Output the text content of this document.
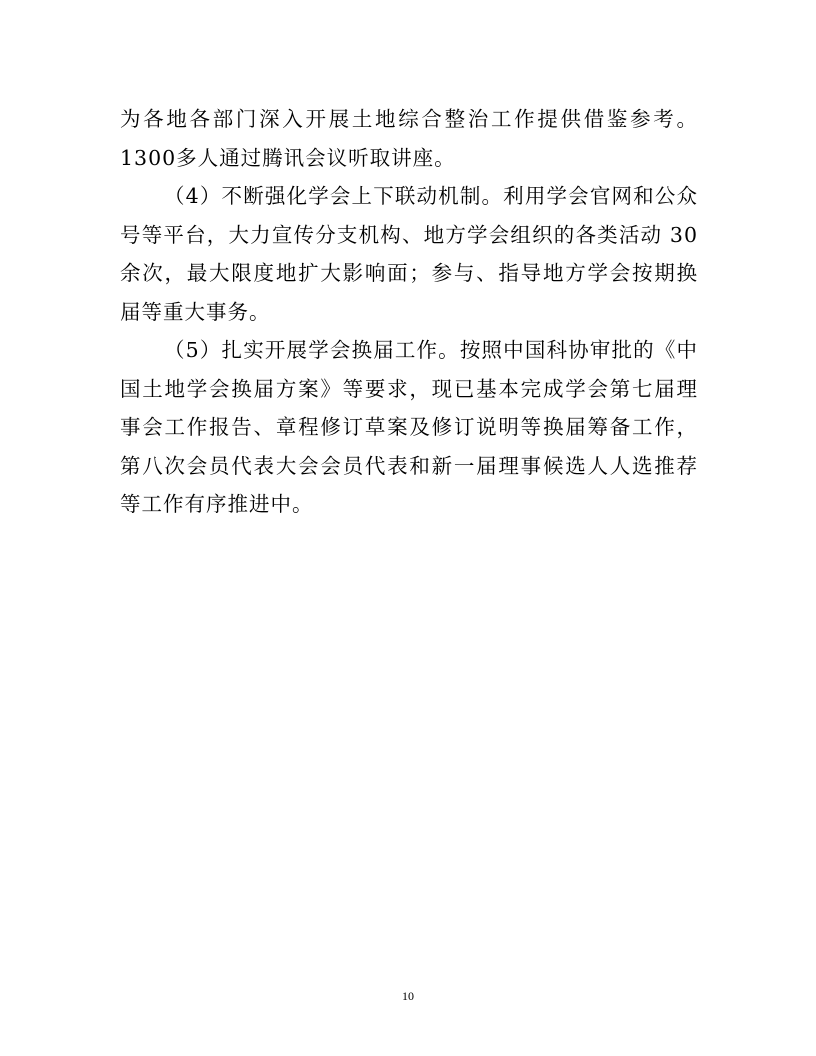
为各地各部门深入开展土地综合整治工作提供借鉴参考。1300多人通过腾讯会议听取讲座。

（4）不断强化学会上下联动机制。利用学会官网和公众号等平台，大力宣传分支机构、地方学会组织的各类活动 30 余次，最大限度地扩大影响面；参与、指导地方学会按期换届等重大事务。

（5）扎实开展学会换届工作。按照中国科协审批的《中国土地学会换届方案》等要求，现已基本完成学会第七届理事会工作报告、章程修订草案及修订说明等换届筹备工作，第八次会员代表大会会员代表和新一届理事候选人人选推荐等工作有序推进中。

10
